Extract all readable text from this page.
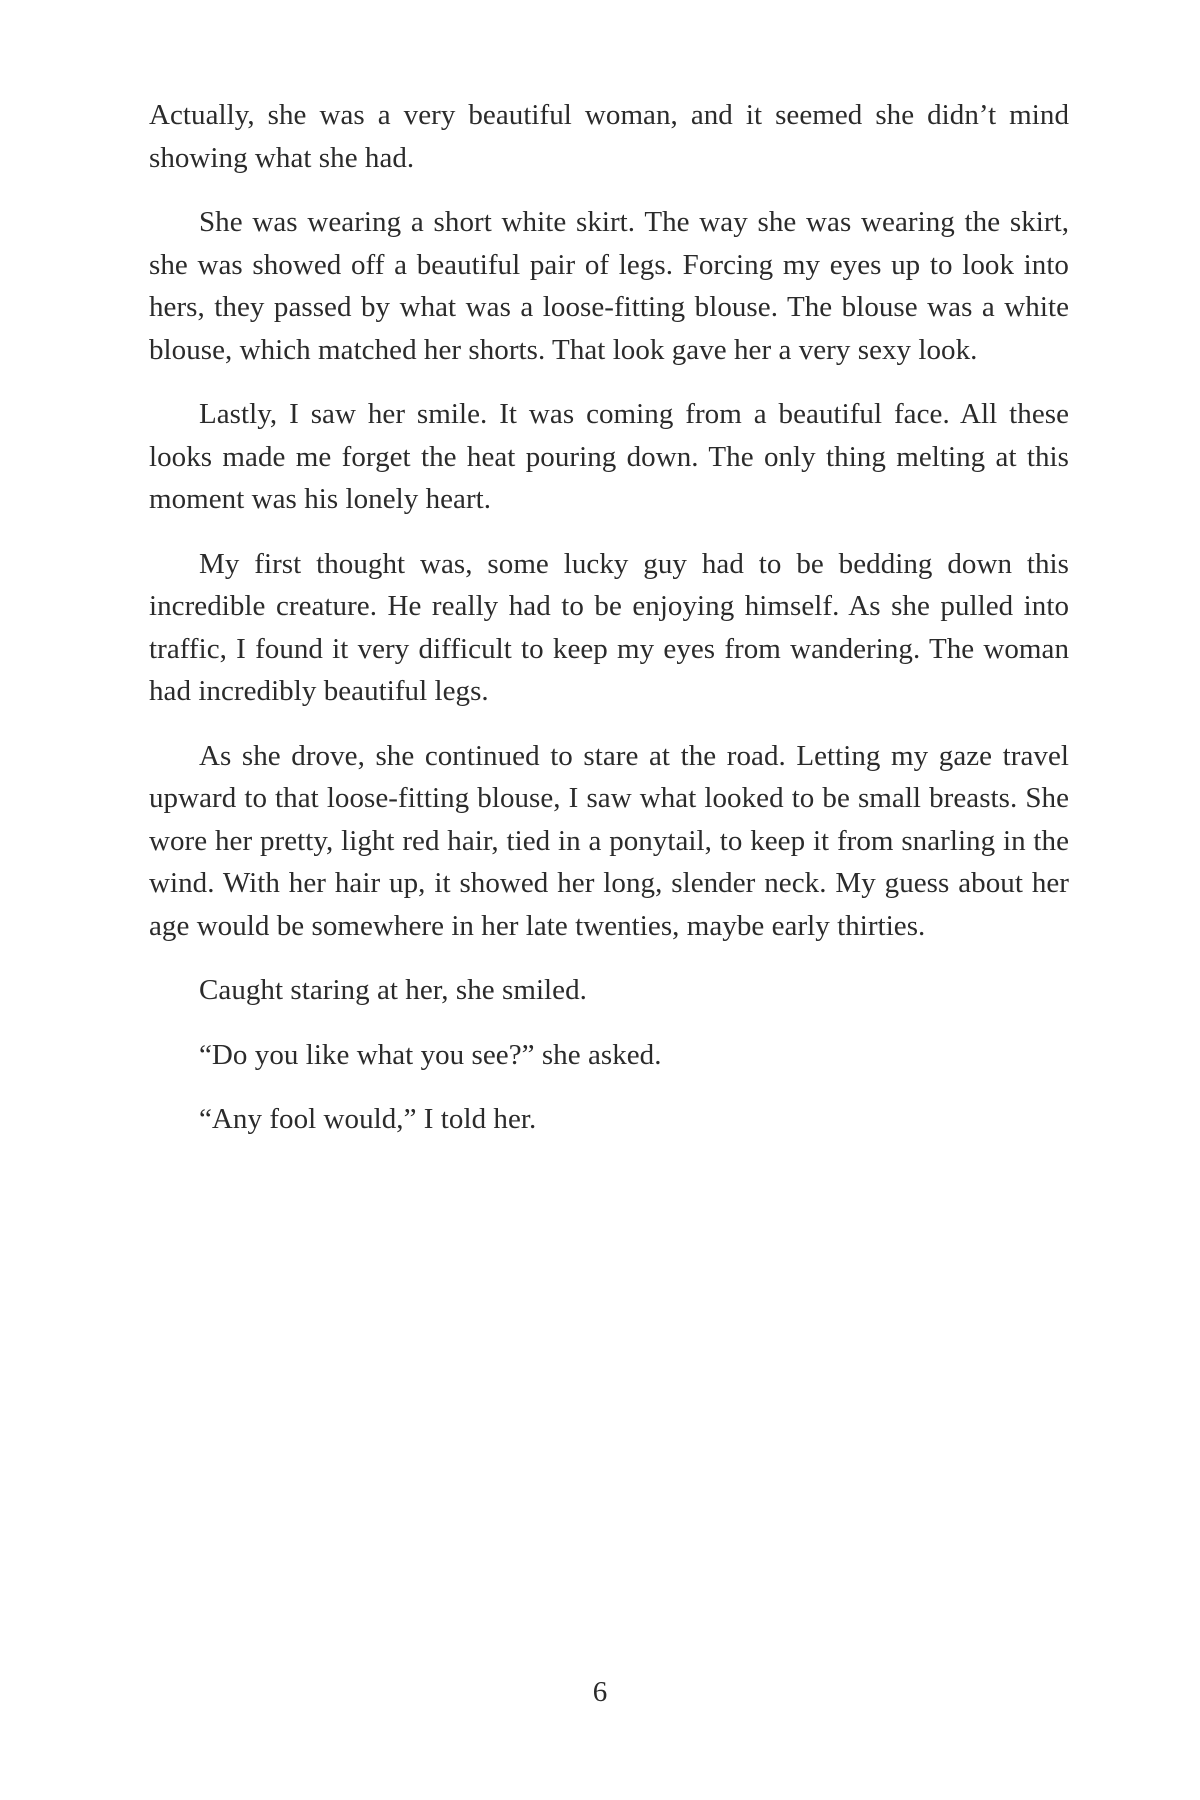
Actually, she was a very beautiful woman, and it seemed she didn’t mind showing what she had.

She was wearing a short white skirt. The way she was wearing the skirt, she was showed off a beautiful pair of legs. Forcing my eyes up to look into hers, they passed by what was a loose-fitting blouse. The blouse was a white blouse, which matched her shorts. That look gave her a very sexy look.

Lastly, I saw her smile. It was coming from a beautiful face. All these looks made me forget the heat pouring down. The only thing melting at this moment was his lonely heart.

My first thought was, some lucky guy had to be bedding down this incredible creature. He really had to be enjoying himself. As she pulled into traffic, I found it very difficult to keep my eyes from wandering. The woman had incredibly beautiful legs.

As she drove, she continued to stare at the road. Letting my gaze travel upward to that loose-fitting blouse, I saw what looked to be small breasts. She wore her pretty, light red hair, tied in a ponytail, to keep it from snarling in the wind. With her hair up, it showed her long, slender neck. My guess about her age would be somewhere in her late twenties, maybe early thirties.

Caught staring at her, she smiled.

“Do you like what you see?” she asked.

“Any fool would,” I told her.

6
